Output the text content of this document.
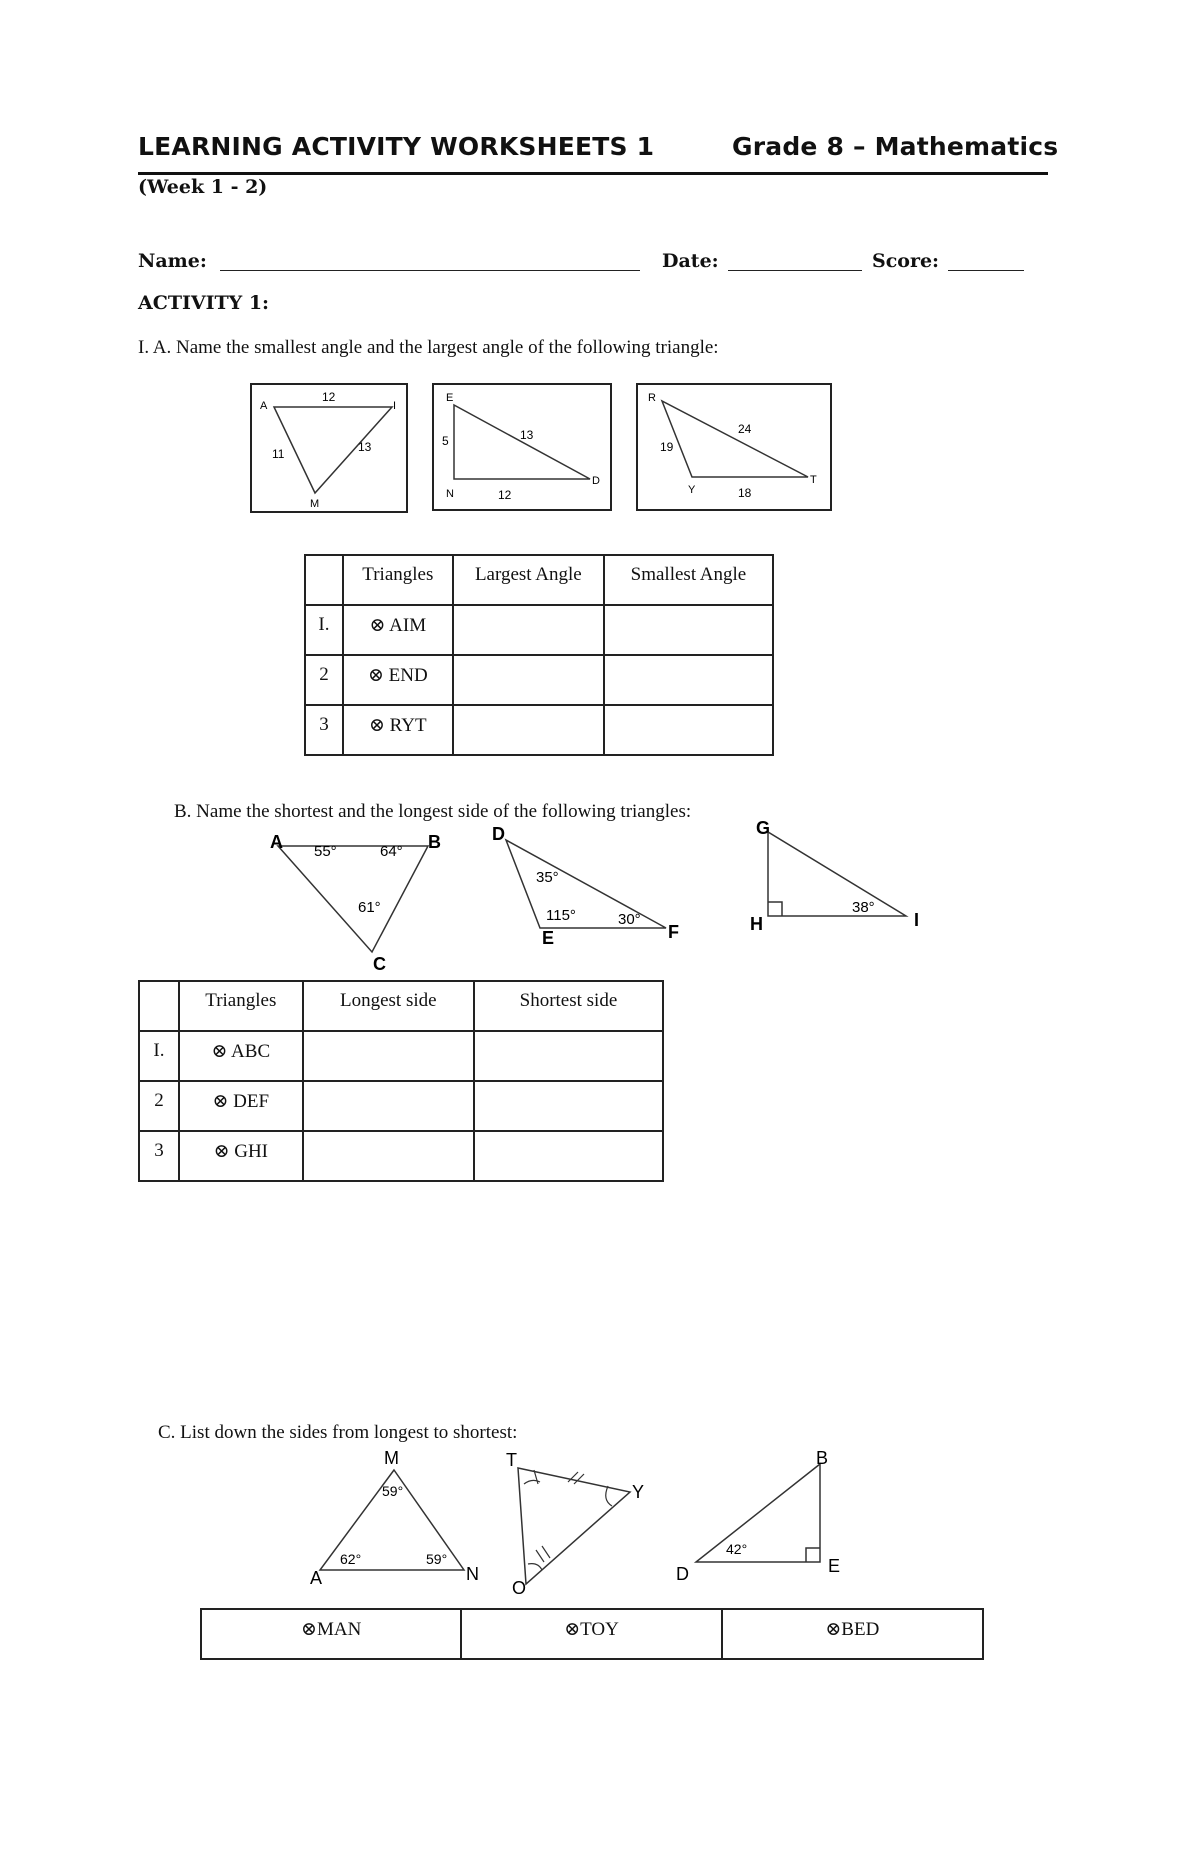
LEARNING ACTIVITY WORKSHEETS 1	Grade 8 – Mathematics
(Week 1 - 2)
Name:	Date:	Score:
ACTIVITY 1:
I. A. Name the smallest angle and the largest angle of the following triangle:
A	I
M
12
13
11
E
N
D
5
12
13
R
Y
T
19
18
24
	Triangles	Largest Angle	Smallest Angle
I.	⊗ AIM		
2	⊗ END		
3	⊗ RYT		
B. Name the shortest and the longest side of the following triangles:
A	B
C
55°	64°
61°
D
E	F
35°
115°	30°
G
H	I
38°
	Triangles	Longest side	Shortest side
I.	⊗ ABC		
2	⊗ DEF		
3	⊗ GHI		
C. List down the sides from longest to shortest:
M
A	N
59°
62°	59°
T
Y
O
B
D	E
42°
⊗MAN	⊗TOY	⊗BED
